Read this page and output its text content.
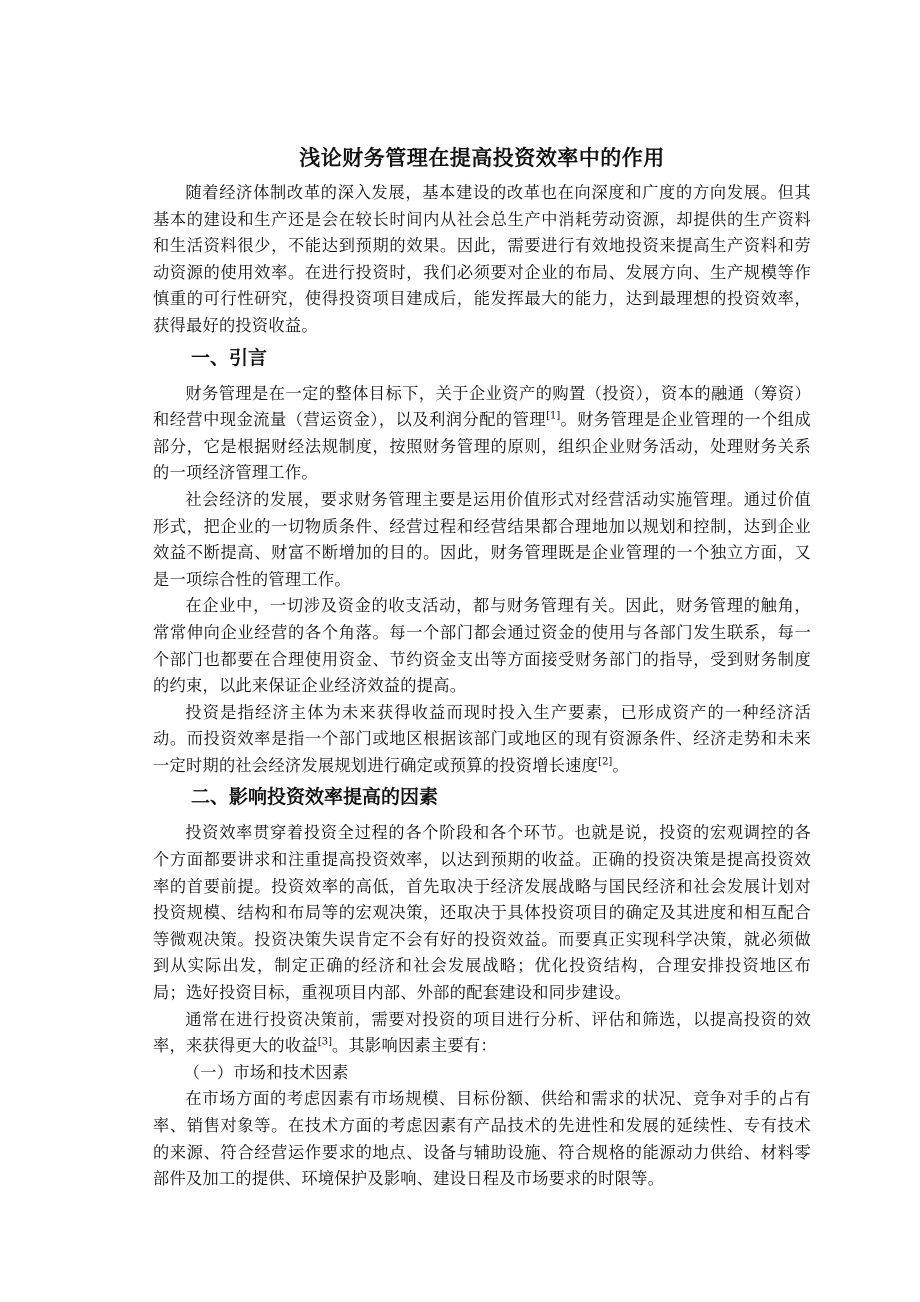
浅论财务管理在提高投资效率中的作用

随着经济体制改革的深入发展，基本建设的改革也在向深度和广度的方向发展。但其基本的建设和生产还是会在较长时间内从社会总生产中消耗劳动资源，却提供的生产资料和生活资料很少，不能达到预期的效果。因此，需要进行有效地投资来提高生产资料和劳动资源的使用效率。在进行投资时，我们必须要对企业的布局、发展方向、生产规模等作慎重的可行性研究，使得投资项目建成后，能发挥最大的能力，达到最理想的投资效率，获得最好的投资收益。

一、引言

财务管理是在一定的整体目标下，关于企业资产的购置（投资），资本的融通（筹资）和经营中现金流量（营运资金），以及利润分配的管理[1]。财务管理是企业管理的一个组成部分，它是根据财经法规制度，按照财务管理的原则，组织企业财务活动，处理财务关系的一项经济管理工作。

社会经济的发展，要求财务管理主要是运用价值形式对经营活动实施管理。通过价值形式，把企业的一切物质条件、经营过程和经营结果都合理地加以规划和控制，达到企业效益不断提高、财富不断增加的目的。因此，财务管理既是企业管理的一个独立方面，又是一项综合性的管理工作。

在企业中，一切涉及资金的收支活动，都与财务管理有关。因此，财务管理的触角，常常伸向企业经营的各个角落。每一个部门都会通过资金的使用与各部门发生联系，每一个部门也都要在合理使用资金、节约资金支出等方面接受财务部门的指导，受到财务制度的约束，以此来保证企业经济效益的提高。

投资是指经济主体为未来获得收益而现时投入生产要素，已形成资产的一种经济活动。而投资效率是指一个部门或地区根据该部门或地区的现有资源条件、经济走势和未来一定时期的社会经济发展规划进行确定或预算的投资增长速度[2]。

二、影响投资效率提高的因素

投资效率贯穿着投资全过程的各个阶段和各个环节。也就是说，投资的宏观调控的各个方面都要讲求和注重提高投资效率，以达到预期的收益。正确的投资决策是提高投资效率的首要前提。投资效率的高低，首先取决于经济发展战略与国民经济和社会发展计划对投资规模、结构和布局等的宏观决策，还取决于具体投资项目的确定及其进度和相互配合等微观决策。投资决策失误肯定不会有好的投资效益。而要真正实现科学决策，就必须做到从实际出发，制定正确的经济和社会发展战略；优化投资结构，合理安排投资地区布局；选好投资目标，重视项目内部、外部的配套建设和同步建设。

通常在进行投资决策前，需要对投资的项目进行分析、评估和筛选，以提高投资的效率，来获得更大的收益[3]。其影响因素主要有：

（一）市场和技术因素

在市场方面的考虑因素有市场规模、目标份额、供给和需求的状况、竞争对手的占有率、销售对象等。在技术方面的考虑因素有产品技术的先进性和发展的延续性、专有技术的来源、符合经营运作要求的地点、设备与辅助设施、符合规格的能源动力供给、材料零部件及加工的提供、环境保护及影响、建设日程及市场要求的时限等。
